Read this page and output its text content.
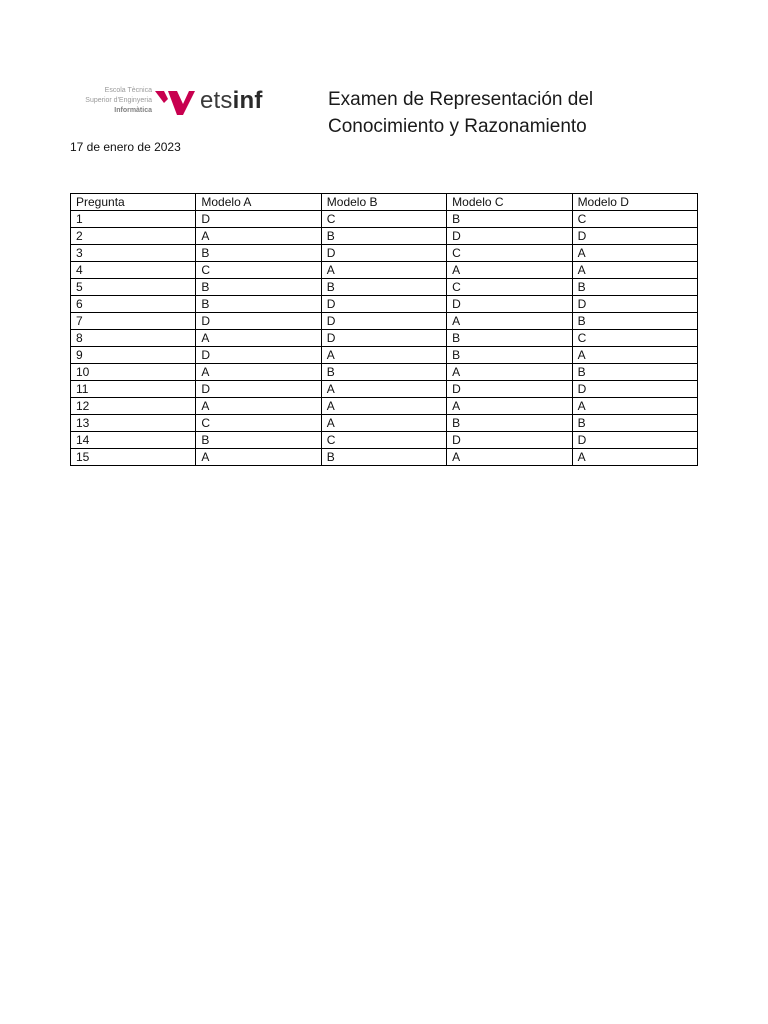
Escola Tècnica
Superior d'Enginyeria
Informàtica etsinf	Examen de Representación del
Conocimiento y Razonamiento
17 de enero de 2023
Pregunta	Modelo A	Modelo B	Modelo C	Modelo D
1	D	C	B	C
2	A	B	D	D
3	B	D	C	A
4	C	A	A	A
5	B	B	C	B
6	B	D	D	D
7	D	D	A	B
8	A	D	B	C
9	D	A	B	A
10	A	B	A	B
11	D	A	D	D
12	A	A	A	A
13	C	A	B	B
14	B	C	D	D
15	A	B	A	A
